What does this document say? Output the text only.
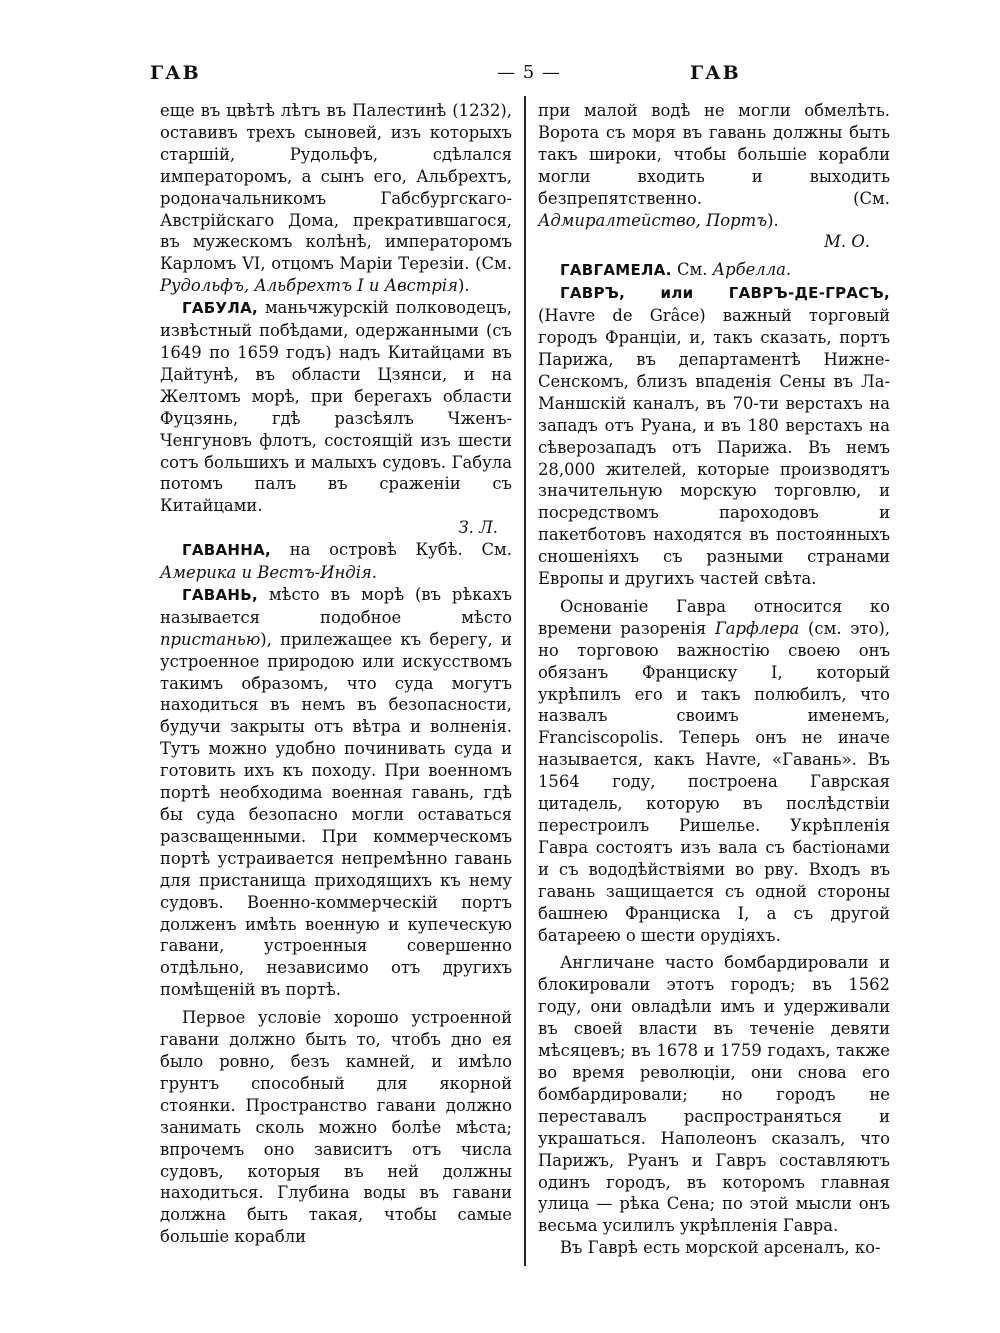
ГАВ	— 5 —	ГАВ

еще въ цвѣтѣ лѣтъ въ Палестинѣ (1232), оставивъ трехъ сыновей, изъ которыхъ старшій, Рудольфъ, сдѣлался императоромъ, а сынъ его, Альбрехтъ, родоначальникомъ Габсбургскаго-Австрійскаго Дома, прекратившагося, въ мужескомъ колѣнѣ, императоромъ Карломъ VI, отцомъ Маріи Терезіи. (См. Рудольфъ, Альбрехтъ I и Австрія).

ГАБУЛА, маньчжурскій полководецъ, извѣстный побѣдами, одержанными (съ 1649 по 1659 годъ) надъ Китайцами въ Дайтунѣ, въ области Цзянси, и на Желтомъ морѣ, при берегахъ области Фуцзянь, гдѣ разсѣялъ Чженъ-Ченгуновъ флотъ, состоящій изъ шести сотъ большихъ и малыхъ судовъ. Габула потомъ палъ въ сраженіи съ Китайцами.

З. Л.

ГАВАННА, на островѣ Кубѣ. См. Америка и Вестъ-Индія.

ГАВАНЬ, мѣсто въ морѣ (въ рѣкахъ называется подобное мѣсто пристанью), прилежащее къ берегу, и устроенное природою или искусствомъ такимъ образомъ, что суда могутъ находиться въ немъ въ безопасности, будучи закрыты отъ вѣтра и волненія. Тутъ можно удобно починивать суда и готовить ихъ къ походу. При военномъ портѣ необходима военная гавань, гдѣ бы суда безопасно могли оставаться разсващенными. При коммерческомъ портѣ устраивается непремѣнно гавань для пристанища приходящихъ къ нему судовъ. Военно-коммерческій портъ долженъ имѣть военную и купеческую гавани, устроенныя совершенно отдѣльно, независимо отъ другихъ помѣщеній въ портѣ.

Первое условіе хорошо устроенной гавани должно быть то, чтобъ дно ея было ровно, безъ камней, и имѣло грунтъ способный для якорной стоянки. Пространство гавани должно занимать сколь можно болѣе мѣста; впрочемъ оно зависитъ отъ числа судовъ, которыя въ ней должны находиться. Глубина воды въ гавани должна быть такая, чтобы самые большіе корабли

при малой водѣ не могли обмелѣть. Ворота съ моря въ гавань должны быть такъ широки, чтобы большіе корабли могли входить и выходить безпрепятственно. (См. Адмиралтейство, Портъ).

М. О.

ГАВГАМЕЛА. См. Арбелла.

ГАВРЪ, или ГАВРЪ-ДЕ-ГРАСЪ, (Havre de Grâce) важный торговый городъ Франціи, и, такъ сказать, портъ Парижа, въ департаментѣ Нижне-Сенскомъ, близъ впаденія Сены въ Ла-Маншскій каналъ, въ 70-ти верстахъ на западъ отъ Руана, и въ 180 верстахъ на сѣверозападъ отъ Парижа. Въ немъ 28,000 жителей, которые производятъ значительную морскую торговлю, и посредствомъ пароходовъ и пакетботовъ находятся въ постоянныхъ сношеніяхъ съ разными странами Европы и другихъ частей свѣта.

Основаніе Гавра относится ко времени разоренія Гарфлера (см. это), но торговою важностію своею онъ обязанъ Франциску I, который укрѣпилъ его и такъ полюбилъ, что назвалъ своимъ именемъ, Franciscopolis. Теперь онъ не иначе называется, какъ Havre, «Гавань». Въ 1564 году, построена Гаврская цитадель, которую въ послѣдствіи перестроилъ Ришелье. Укрѣпленія Гавра состоятъ изъ вала съ бастіонами и съ вододѣйствіями во рву. Входъ въ гавань защищается съ одной стороны башнею Франциска I, а съ другой батареею о шести орудіяхъ.

Англичане часто бомбардировали и блокировали этотъ городъ; въ 1562 году, они овладѣли имъ и удерживали въ своей власти въ теченіе девяти мѣсяцевъ; въ 1678 и 1759 годахъ, также во время революціи, они снова его бомбардировали; но городъ не переставалъ распространяться и украшаться. Наполеонъ сказалъ, что Парижъ, Руанъ и Гавръ составляютъ одинъ городъ, въ которомъ главная улица — рѣка Сена; по этой мысли онъ весьма усилилъ укрѣпленія Гавра.

Въ Гаврѣ есть морской арсеналъ, ко-
